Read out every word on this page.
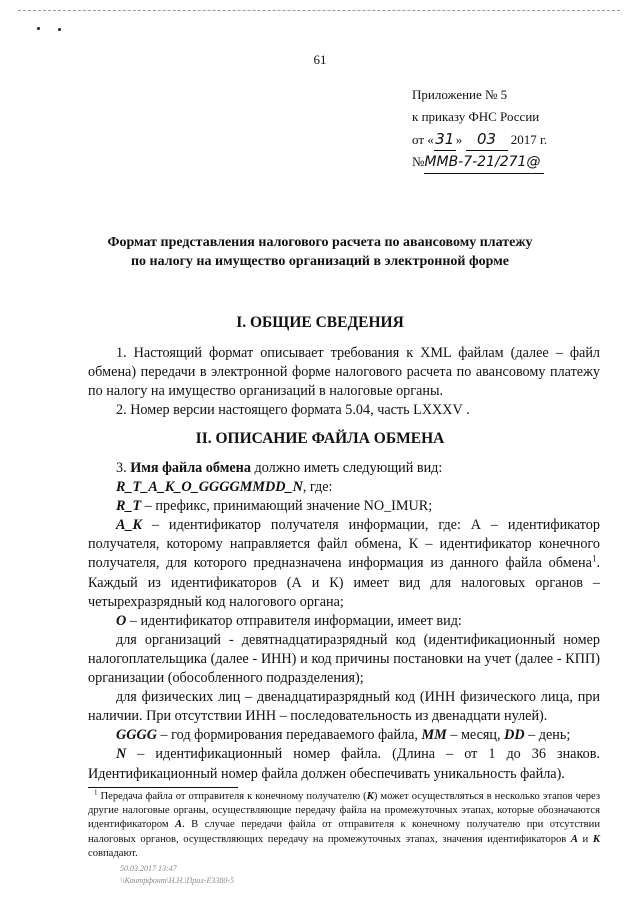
61
Приложение № 5
к приказу ФНС России
от «31» 03 2017 г.
№ММВ-7-21/271@
Формат представления налогового расчета по авансовому платежу
по налогу на имущество организаций в электронной форме
I. ОБЩИЕ СВЕДЕНИЯ

1. Настоящий формат описывает требования к XML файлам (далее – файл обмена) передачи в электронной форме налогового расчета по авансовому платежу по налогу на имущество организаций в налоговые органы.

2. Номер версии настоящего формата 5.04, часть LXXXV .

II. ОПИСАНИЕ ФАЙЛА ОБМЕНА

3. Имя файла обмена должно иметь следующий вид:

R_T_A_K_O_GGGGMMDD_N, где:

R_T – префикс, принимающий значение NO_IMUR;

A_K – идентификатор получателя информации, где: А – идентификатор получателя, которому направляется файл обмена, К – идентификатор конечного получателя, для которого предназначена информация из данного файла обмена$^1$. Каждый из идентификаторов (А и К) имеет вид для налоговых органов – четырехразрядный код налогового органа;

O – идентификатор отправителя информации, имеет вид:

для организаций - девятнадцатиразрядный код (идентификационный номер налогоплательщика (далее - ИНН) и код причины постановки на учет (далее - КПП) организации (обособленного подразделения);

для физических лиц – двенадцатиразрядный код (ИНН физического лица, при наличии. При отсутствии ИНН – последовательность из двенадцати нулей).

GGGG – год формирования передаваемого файла, MM – месяц, DD – день;

N – идентификационный номер файла. (Длина – от 1 до 36 знаков. Идентификационный номер файла должен обеспечивать уникальность файла).

$^1$ Передача файла от отправителя к конечному получателю (К) может осуществляться в несколько этапов через другие налоговые органы, осуществляющие передачу файла на промежуточных этапах, которые обозначаются идентификатором А. В случае передачи файла от отправителя к конечному получателю при отсутствии налоговых органов, осуществляющих передачу на промежуточных этапах, значения идентификаторов А и К совпадают.
50.03.2017 13:47
\\Контрфонт\Н.Н.\Прил-Е3380-5
